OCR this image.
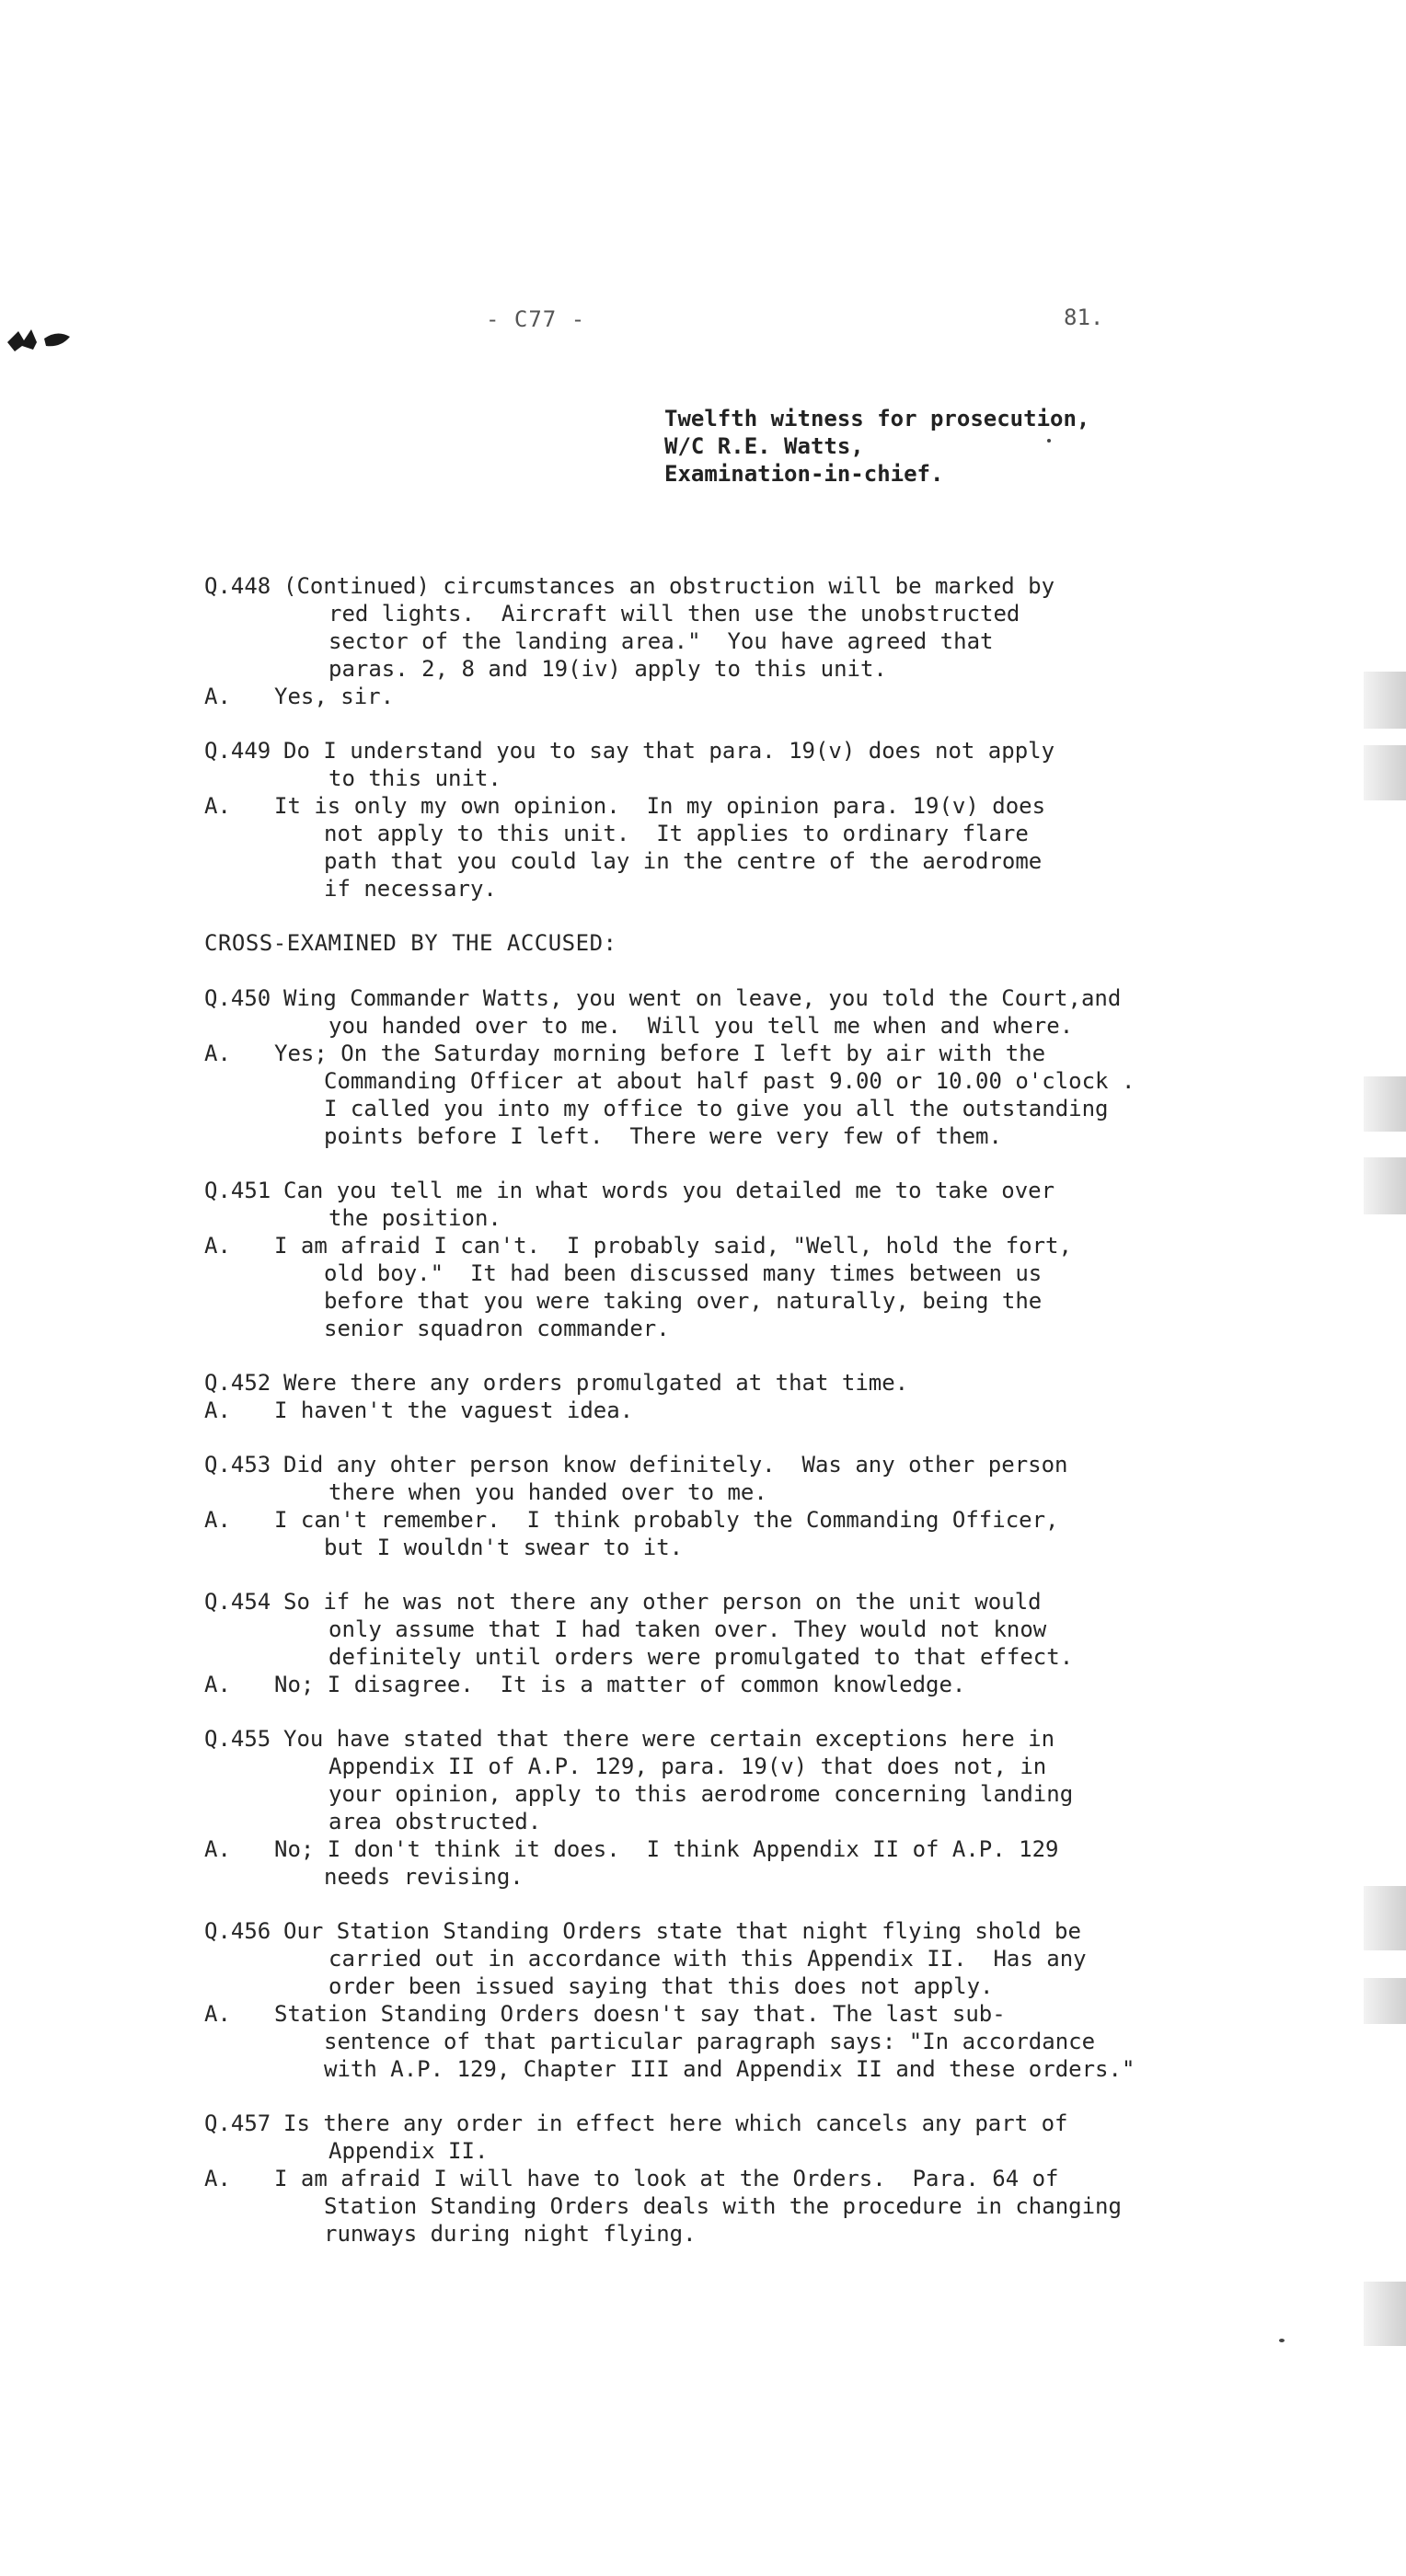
- C77 -	81.
Twelfth witness for prosecution,
W/C R.E. Watts,
Examination-in-chief.
Q.448 (Continued) circumstances an obstruction will be marked by
red lights.  Aircraft will then use the unobstructed
sector of the landing area."  You have agreed that
paras. 2, 8 and 19(iv) apply to this unit.
A.	Yes, sir.
Q.449 Do I understand you to say that para. 19(v) does not apply
to this unit.
A.	It is only my own opinion.  In my opinion para. 19(v) does
not apply to this unit.  It applies to ordinary flare
path that you could lay in the centre of the aerodrome
if necessary.
CROSS-EXAMINED BY THE ACCUSED:
Q.450 Wing Commander Watts, you went on leave, you told the Court,and
you handed over to me.  Will you tell me when and where.
A.	Yes; On the Saturday morning before I left by air with the
Commanding Officer at about half past 9.00 or 10.00 o'clock .
I called you into my office to give you all the outstanding
points before I left.  There were very few of them.
Q.451 Can you tell me in what words you detailed me to take over
the position.
A.	I am afraid I can't.  I probably said, "Well, hold the fort,
old boy."  It had been discussed many times between us
before that you were taking over, naturally, being the
senior squadron commander.
Q.452 Were there any orders promulgated at that time.
A.	I haven't the vaguest idea.
Q.453 Did any ohter person know definitely.  Was any other person
there when you handed over to me.
A.	I can't remember.  I think probably the Commanding Officer,
but I wouldn't swear to it.
Q.454 So if he was not there any other person on the unit would
only assume that I had taken over. They would not know
definitely until orders were promulgated to that effect.
A.	No; I disagree.  It is a matter of common knowledge.
Q.455 You have stated that there were certain exceptions here in
Appendix II of A.P. 129, para. 19(v) that does not, in
your opinion, apply to this aerodrome concerning landing
area obstructed.
A.	No; I don't think it does.  I think Appendix II of A.P. 129
needs revising.
Q.456 Our Station Standing Orders state that night flying shold be
carried out in accordance with this Appendix II.  Has any
order been issued saying that this does not apply.
A.	Station Standing Orders doesn't say that. The last sub-
sentence of that particular paragraph says: "In accordance
with A.P. 129, Chapter III and Appendix II and these orders."
Q.457 Is there any order in effect here which cancels any part of
Appendix II.
A.	I am afraid I will have to look at the Orders.  Para. 64 of
Station Standing Orders deals with the procedure in changing
runways during night flying.
